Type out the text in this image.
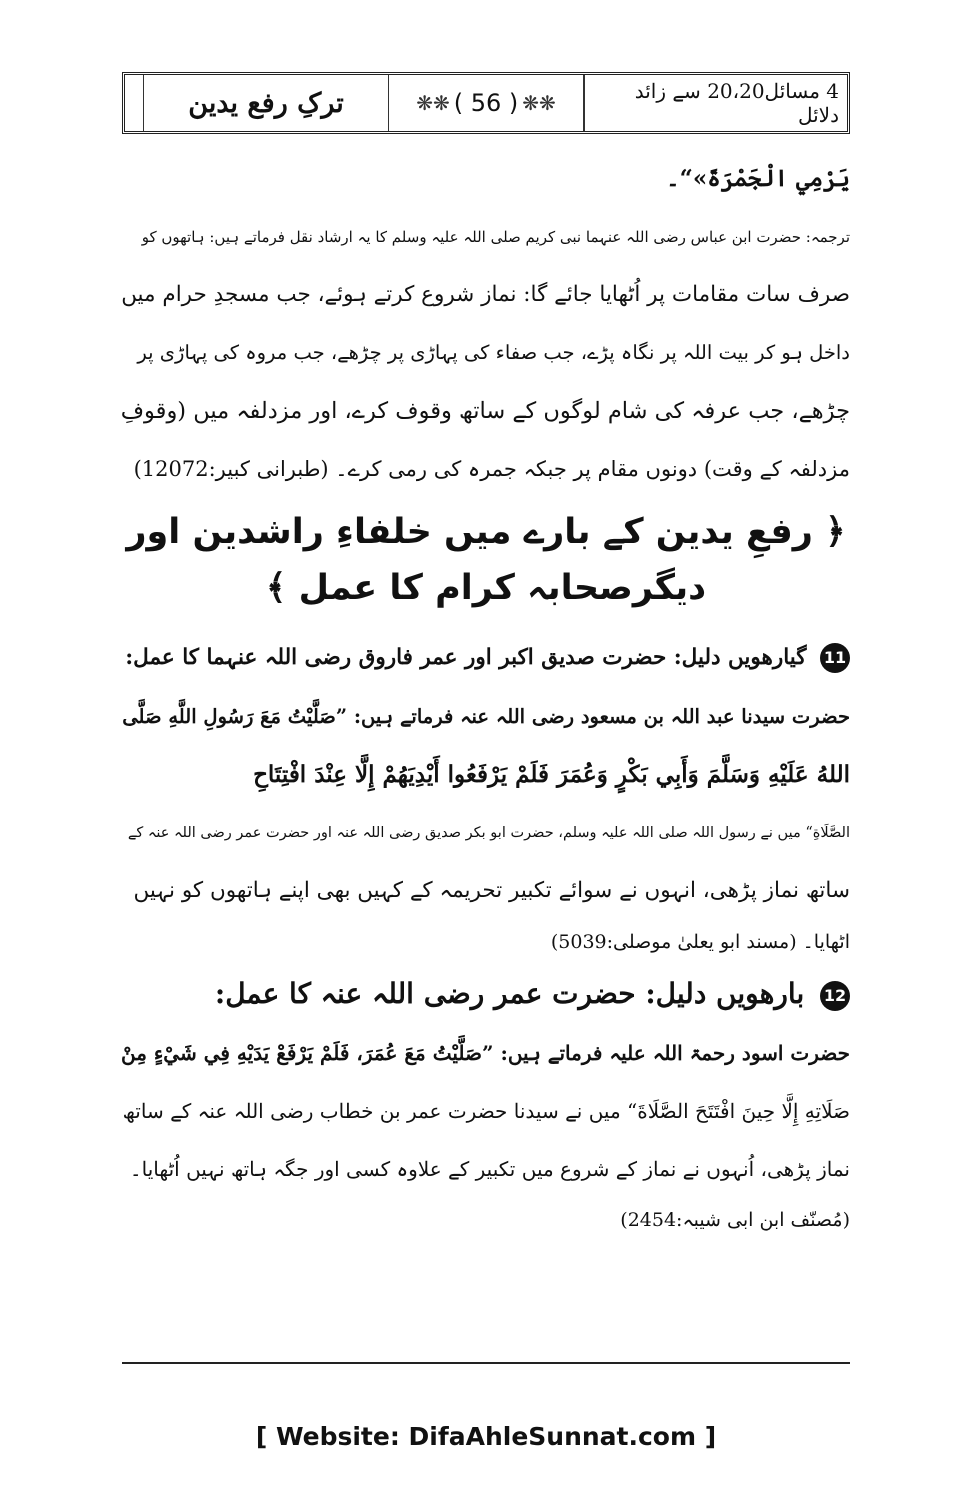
ترکِ رفع یدین	❋❋ ( 56 ) ❋❋	4 مسائل20،20 سے زائد دلائل
يَرْمِي الْجَمْرَةَ»“۔
ترجمہ: حضرت ابن عباس رضی اللہ عنہما نبی کریم صلی اللہ علیہ وسلم کا یہ ارشاد نقل فرماتے ہیں: ہاتھوں کو
صرف سات مقامات پر اُٹھایا جائے گا: نماز شروع کرتے ہوئے، جب مسجدِ حرام میں
داخل ہو کر بیت اللہ پر نگاہ پڑے، جب صفاء کی پہاڑی پر چڑھے، جب مروہ کی پہاڑی پر
چڑھے، جب عرفہ کی شام لوگوں کے ساتھ وقوف کرے، اور مزدلفہ میں (وقوفِ
مزدلفہ کے وقت) دونوں مقام پر جبکہ جمرہ کی رمی کرے۔ (طبرانی کبیر:12072)
﴿ رفعِ یدین کے بارے میں خلفاءِ راشدین اور
دیگرصحابہ کرام کا عمل ﴾
11 گیارھویں دلیل: حضرت صدیق اکبر اور عمر فاروق رضی اللہ عنہما کا عمل:
حضرت سیدنا عبد اللہ بن مسعود رضی اللہ عنہ فرماتے ہیں: ”صَلَّيْتُ مَعَ رَسُولِ اللَّهِ صَلَّى
اللهُ عَلَيْهِ وَسَلَّمَ وَأَبِي بَكْرٍ وَعُمَرَ فَلَمْ يَرْفَعُوا أَيْدِيَهُمْ إِلَّا عِنْدَ افْتِتَاحِ
الصَّلَاةِ“ میں نے رسول اللہ صلی اللہ علیہ وسلم، حضرت ابو بکر صدیق رضی اللہ عنہ اور حضرت عمر رضی اللہ عنہ کے
ساتھ نماز پڑھی، انہوں نے سوائے تکبیر تحریمہ کے کہیں بھی اپنے ہاتھوں کو نہیں
اٹھایا۔ (مسند ابو یعلیٰ موصلی:5039)
12 بارھویں دلیل: حضرت عمر رضی اللہ عنہ کا عمل:
حضرت اسود رحمۃ اللہ علیہ فرماتے ہیں: ”صَلَّيْتُ مَعَ عُمَرَ، فَلَمْ يَرْفَعْ يَدَيْهِ فِي شَيْءٍ مِنْ
صَلَاتِهِ إِلَّا حِينَ افْتَتَحَ الصَّلَاةَ“ میں نے سیدنا حضرت عمر بن خطاب رضی اللہ عنہ کے ساتھ
نماز پڑھی، اُنہوں نے نماز کے شروع میں تکبیر کے علاوہ کسی اور جگہ ہاتھ نہیں اُٹھایا۔
(مُصنّف ابن ابی شیبہ:2454)
[ Website: DifaAhleSunnat.com ]
